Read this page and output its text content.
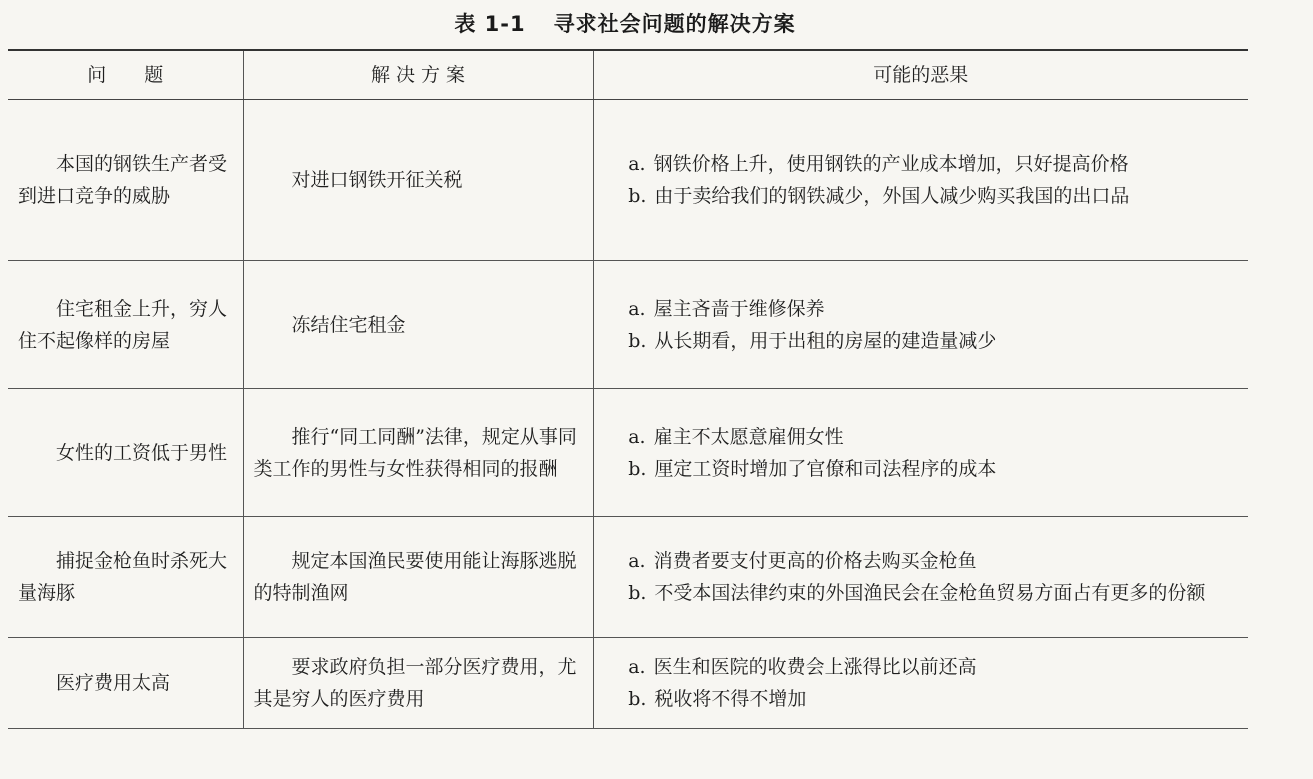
表 1-1 寻求社会问题的解决方案
问　　题	解 决 方 案	可能的恶果
本国的钢铁生产者受到进口竞争的威胁	对进口钢铁开征关税	a. 钢铁价格上升，使用钢铁的产业成本增加，只好提高价格

b. 由于卖给我们的钢铁减少，外国人减少购买我国的出口品

住宅租金上升，穷人住不起像样的房屋	冻结住宅租金	a. 屋主吝啬于维修保养

b. 从长期看，用于出租的房屋的建造量减少

女性的工资低于男性	推行“同工同酬”法律，规定从事同类工作的男性与女性获得相同的报酬	a. 雇主不太愿意雇佣女性

b. 厘定工资时增加了官僚和司法程序的成本

捕捉金枪鱼时杀死大量海豚	规定本国渔民要使用能让海豚逃脱的特制渔网	a. 消费者要支付更高的价格去购买金枪鱼

b. 不受本国法律约束的外国渔民会在金枪鱼贸易方面占有更多的份额

医疗费用太高	要求政府负担一部分医疗费用，尤其是穷人的医疗费用	a. 医生和医院的收费会上涨得比以前还高

b. 税收将不得不增加
